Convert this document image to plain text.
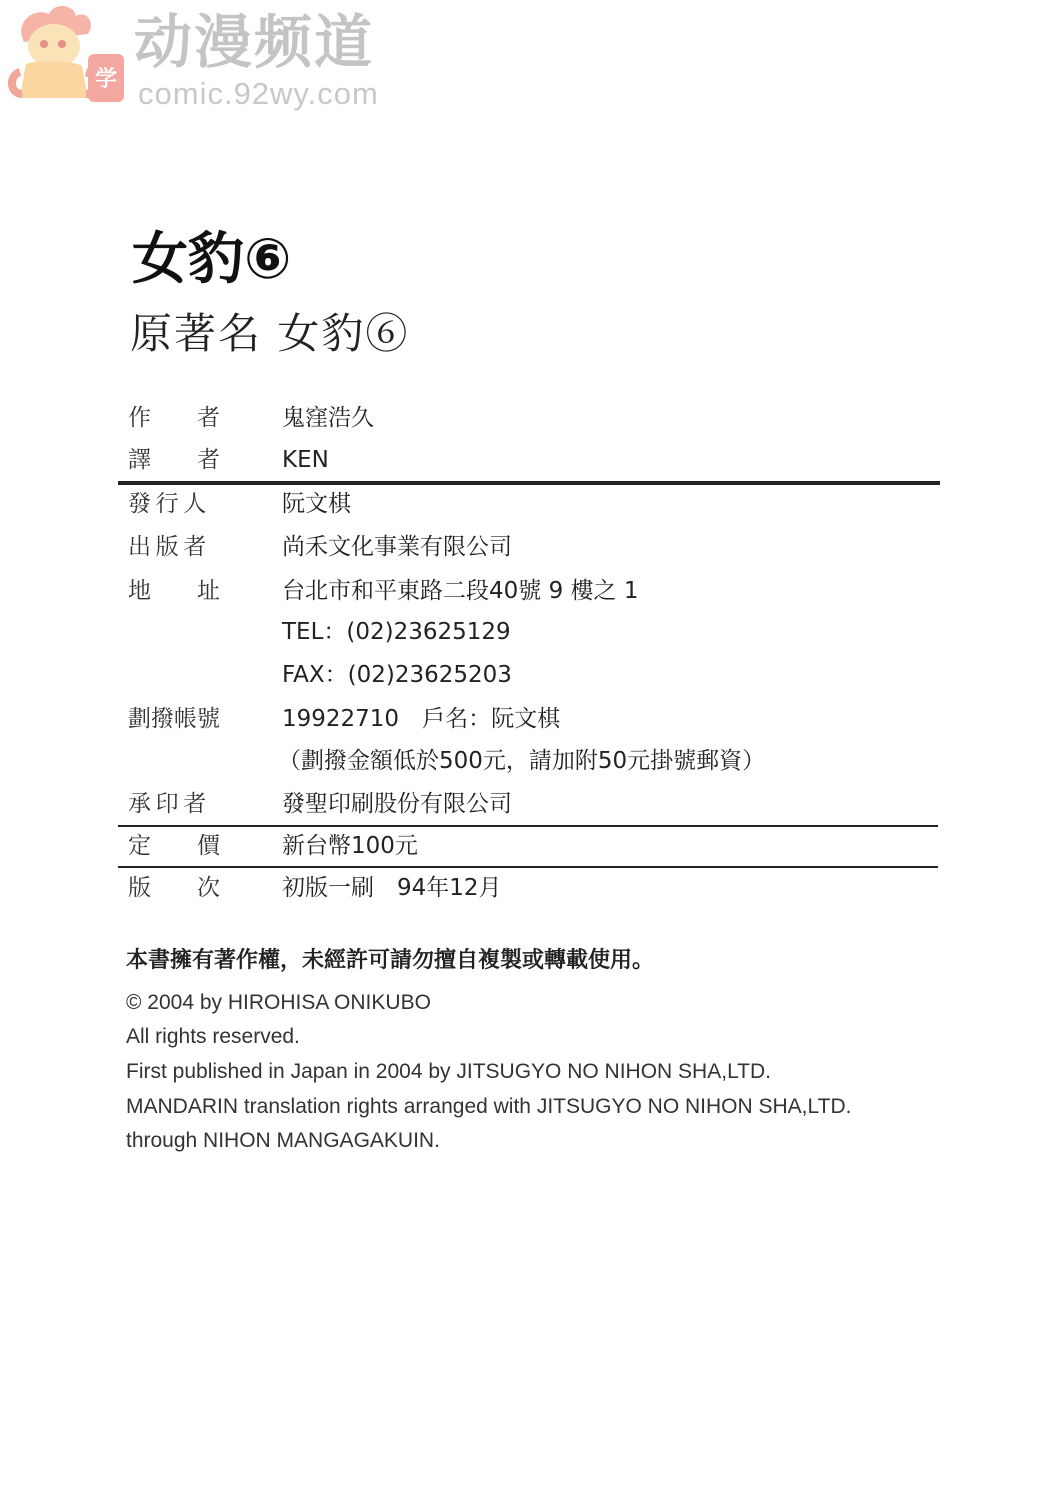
学
动漫频道
comic.92wy.com
女豹⑥
原著名 女豹⑥
作　　者	鬼窪浩久
譯　　者	KEN
發行人	阮文棋
出版者	尚禾文化事業有限公司
地　　址	台北市和平東路二段40號 9 樓之 1
TEL：(02)23625129
FAX：(02)23625203
劃撥帳號	19922710　戶名：阮文棋
（劃撥金額低於500元，請加附50元掛號郵資）
承印者	發聖印刷股份有限公司
定　　價	新台幣100元
版　　次	初版一刷　94年12月
本書擁有著作權，未經許可請勿擅自複製或轉載使用。
© 2004 by HIROHISA ONIKUBO
All rights reserved.
First published in Japan in 2004 by JITSUGYO NO NIHON SHA,LTD.
MANDARIN translation rights arranged with JITSUGYO NO NIHON SHA,LTD.
through NIHON MANGAGAKUIN.
